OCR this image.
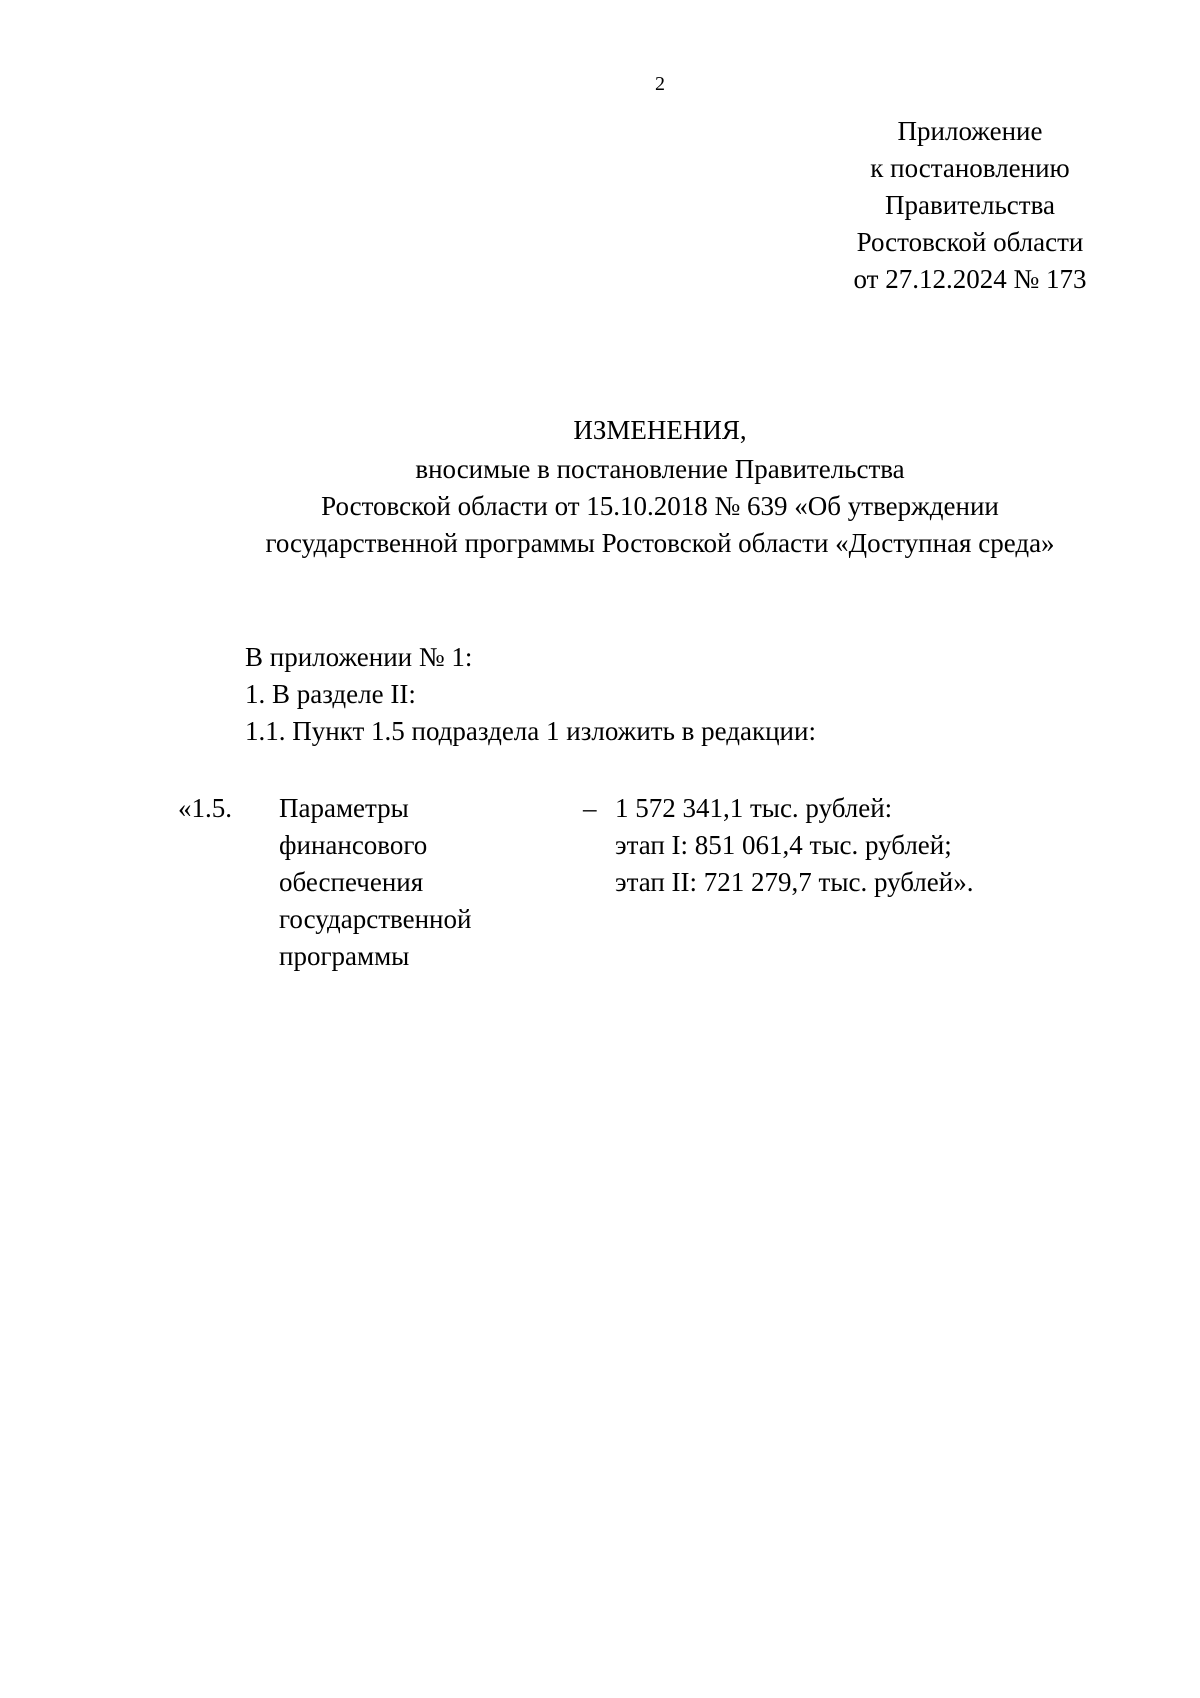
2
Приложение
к постановлению
Правительства
Ростовской области
от 27.12.2024 № 173
ИЗМЕНЕНИЯ,
вносимые в постановление Правительства
Ростовской области от 15.10.2018 № 639 «Об утверждении
государственной программы Ростовской области «Доступная среда»
В приложении № 1:
1. В разделе II:
1.1. Пункт 1.5 подраздела 1 изложить в редакции:
«1.5. Параметры
финансового
обеспечения
государственной
программы
– 1 572 341,1 тыс. рублей:
этап I: 851 061,4 тыс. рублей;
этап II: 721 279,7 тыс. рублей».
